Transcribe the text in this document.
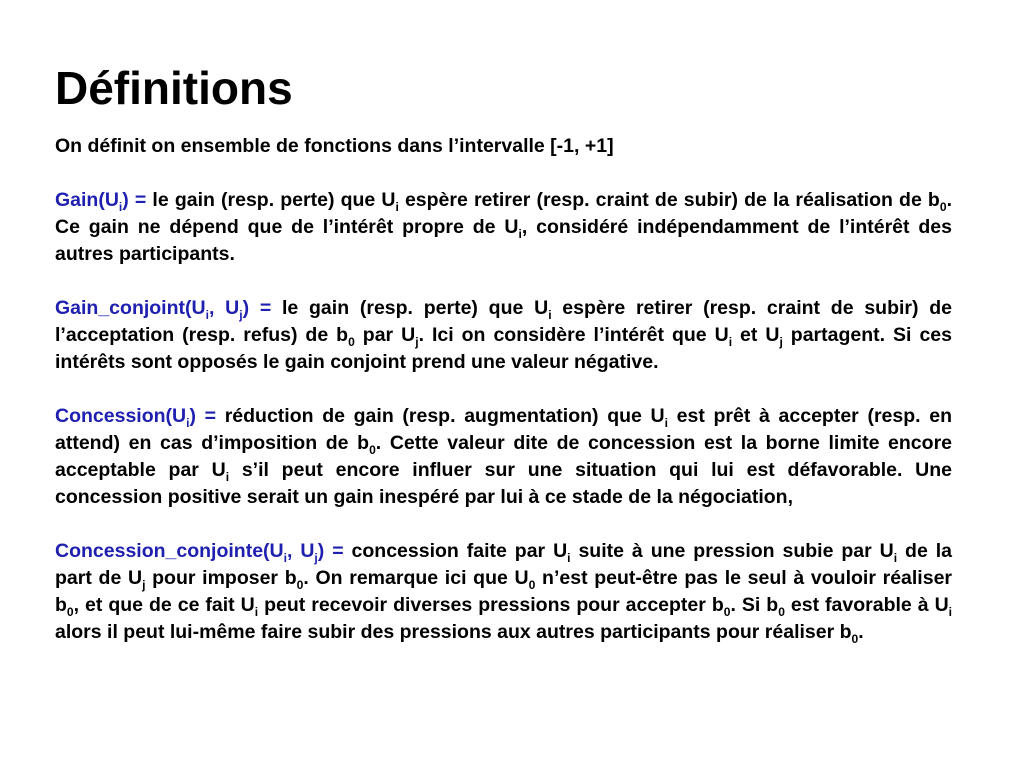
Définitions

On définit on ensemble de fonctions dans l’intervalle [-1, +1]

$Gain(U_i)$ = le gain (resp. perte) que $U_i$ espère retirer (resp. craint de subir) de la réalisation de $b_0$. Ce gain ne dépend que de l’intérêt propre de $U_i$, considéré indépendamment de l’intérêt des autres participants.

$Gain\_conjoint(U_i$, $U_j$) = le gain (resp. perte) que $U_i$ espère retirer (resp. craint de subir) de l’acceptation (resp. refus) de $b_0$ par $U_j$. Ici on considère l’intérêt que $U_i$ et $U_j$ partagent. Si ces intérêts sont opposés le gain conjoint prend une valeur négative.

$Concession(U_i)$ = réduction de gain (resp. augmentation) que $U_i$ est prêt à accepter (resp. en attend) en cas d’imposition de $b_0$. Cette valeur dite de concession est la borne limite encore acceptable par $U_i$ s’il peut encore influer sur une situation qui lui est défavorable. Une concession positive serait un gain inespéré par lui à ce stade de la négociation,

$Concession\_conjointe(U_i$, $U_j$) = concession faite par $U_i$ suite à une pression subie par $U_i$ de la part de $U_j$ pour imposer $b_0$. On remarque ici que $U_0$ n’est peut-être pas le seul à vouloir réaliser $b_0$, et que de ce fait $U_i$ peut recevoir diverses pressions pour accepter $b_0$. Si $b_0$ est favorable à $U_i$ alors il peut lui-même faire subir des pressions aux autres participants pour réaliser $b_0$.
